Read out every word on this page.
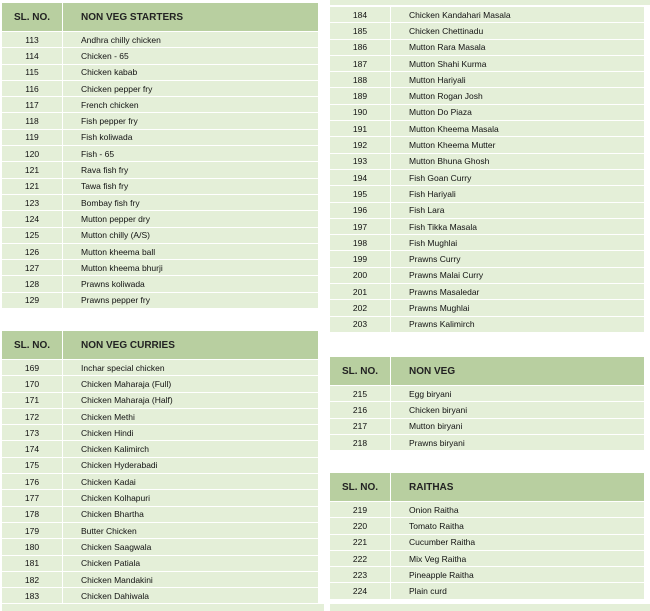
SL. NO.	NON VEG STARTERS
113	Andhra chilly chicken
114	Chicken - 65
115	Chicken kabab
116	Chicken pepper fry
117	French chicken
118	Fish pepper fry
119	Fish koliwada
120	Fish - 65
121	Rava fish fry
121	Tawa fish fry
123	Bombay fish fry
124	Mutton pepper dry
125	Mutton chilly (A/S)
126	Mutton kheema ball
127	Mutton kheema bhurji
128	Prawns koliwada
129	Prawns pepper fry
SL. NO.	NON VEG CURRIES
169	Inchar special chicken
170	Chicken Maharaja (Full)
171	Chicken Maharaja (Half)
172	Chicken Methi
173	Chicken Hindi
174	Chicken Kalimirch
175	Chicken Hyderabadi
176	Chicken Kadai
177	Chicken Kolhapuri
178	Chicken Bhartha
179	Butter Chicken
180	Chicken Saagwala
181	Chicken Patiala
182	Chicken Mandakini
183	Chicken Dahiwala
184	Chicken Kandahari Masala
185	Chicken Chettinadu
186	Mutton Rara Masala
187	Mutton Shahi Kurma
188	Mutton Hariyali
189	Mutton Rogan Josh
190	Mutton Do Piaza
191	Mutton Kheema Masala
192	Mutton Kheema Mutter
193	Mutton Bhuna Ghosh
194	Fish Goan Curry
195	Fish Hariyali
196	Fish Lara
197	Fish Tikka Masala
198	Fish Mughlai
199	Prawns Curry
200	Prawns Malai Curry
201	Prawns Masaledar
202	Prawns Mughlai
203	Prawns Kalimirch
SL. NO.	NON VEG
215	Egg biryani
216	Chicken biryani
217	Mutton biryani
218	Prawns biryani
SL. NO.	RAITHAS
219	Onion Raitha
220	Tomato Raitha
221	Cucumber Raitha
222	Mix Veg Raitha
223	Pineapple Raitha
224	Plain curd
